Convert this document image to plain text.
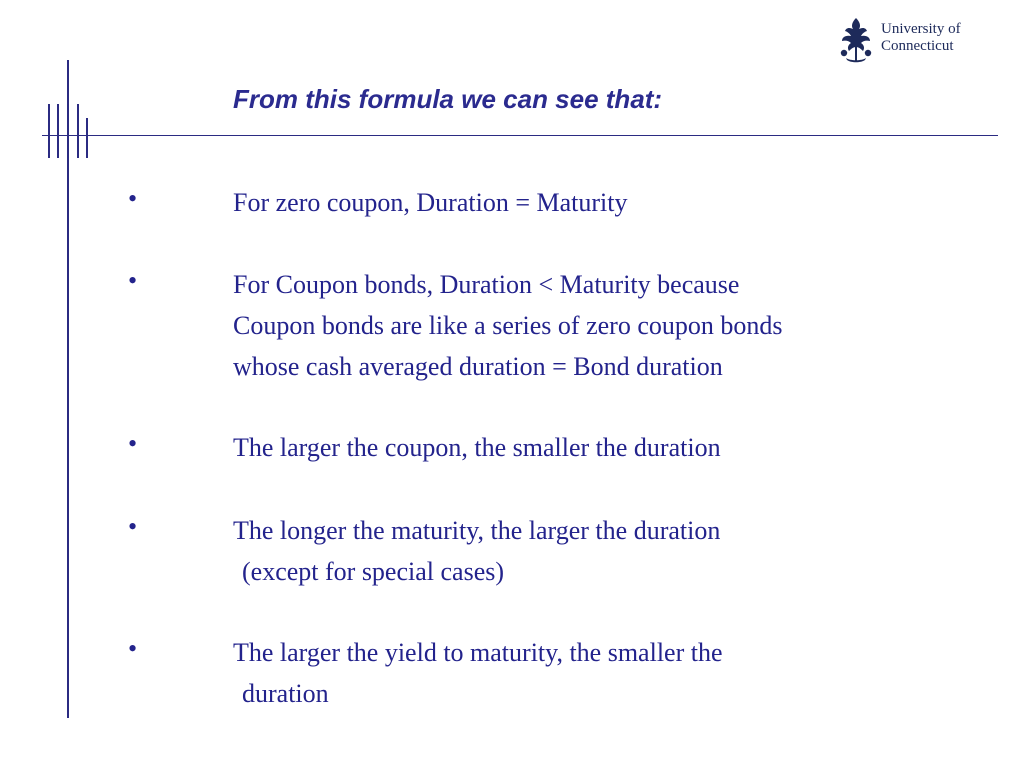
University of
Connecticut
From this formula we can see that:
•	For zero coupon, Duration = Maturity
•	For Coupon bonds, Duration < Maturity because
Coupon bonds are like a series of zero coupon bonds
whose cash averaged duration = Bond duration
•	The larger the coupon, the smaller the duration
•	The longer the maturity, the larger the duration
(except for special cases)
•	The larger the yield to maturity, the smaller the
duration
